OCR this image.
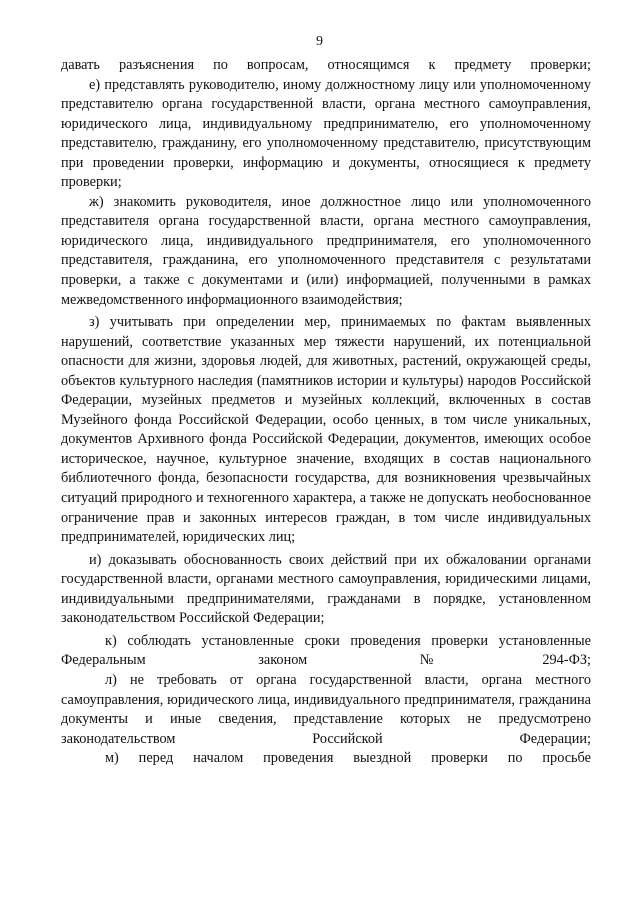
9

давать разъяснения по вопросам, относящимся к предмету проверки;

е) представлять руководителю, иному должностному лицу или уполномоченному представителю органа государственной власти, органа местного самоуправления, юридического лица, индивидуальному предпринимателю, его уполномоченному представителю, гражданину, его уполномоченному представителю, присутствующим при проведении проверки, информацию и документы, относящиеся к предмету проверки;

ж) знакомить руководителя, иное должностное лицо или уполномоченного представителя органа государственной власти, органа местного самоуправления, юридического лица, индивидуального предпринимателя, его уполномоченного представителя, гражданина, его уполномоченного представителя с результатами проверки, а также с документами и (или) информацией, полученными в рамках межведомственного информационного взаимодействия;

з) учитывать при определении мер, принимаемых по фактам выявленных нарушений, соответствие указанных мер тяжести нарушений, их потенциальной опасности для жизни, здоровья людей, для животных, растений, окружающей среды, объектов культурного наследия (памятников истории и культуры) народов Российской Федерации, музейных предметов и музейных коллекций, включенных в состав Музейного фонда Российской Федерации, особо ценных, в том числе уникальных, документов Архивного фонда Российской Федерации, документов, имеющих особое историческое, научное, культурное значение, входящих в состав национального библиотечного фонда, безопасности государства, для возникновения чрезвычайных ситуаций природного и техногенного характера, а также не допускать необоснованное ограничение прав и законных интересов граждан, в том числе индивидуальных предпринимателей, юридических лиц;

и) доказывать обоснованность своих действий при их обжаловании органами государственной власти, органами местного самоуправления, юридическими лицами, индивидуальными предпринимателями, гражданами в порядке, установленном законодательством Российской Федерации;

к) соблюдать установленные сроки проведения проверки установленные Федеральным законом №294-ФЗ;

л) не требовать от органа государственной власти, органа местного самоуправления, юридического лица, индивидуального предпринимателя, гражданина документы и иные сведения, представление которых не предусмотрено законодательством Российской Федерации;

м) перед началом проведения выездной проверки по просьбе
